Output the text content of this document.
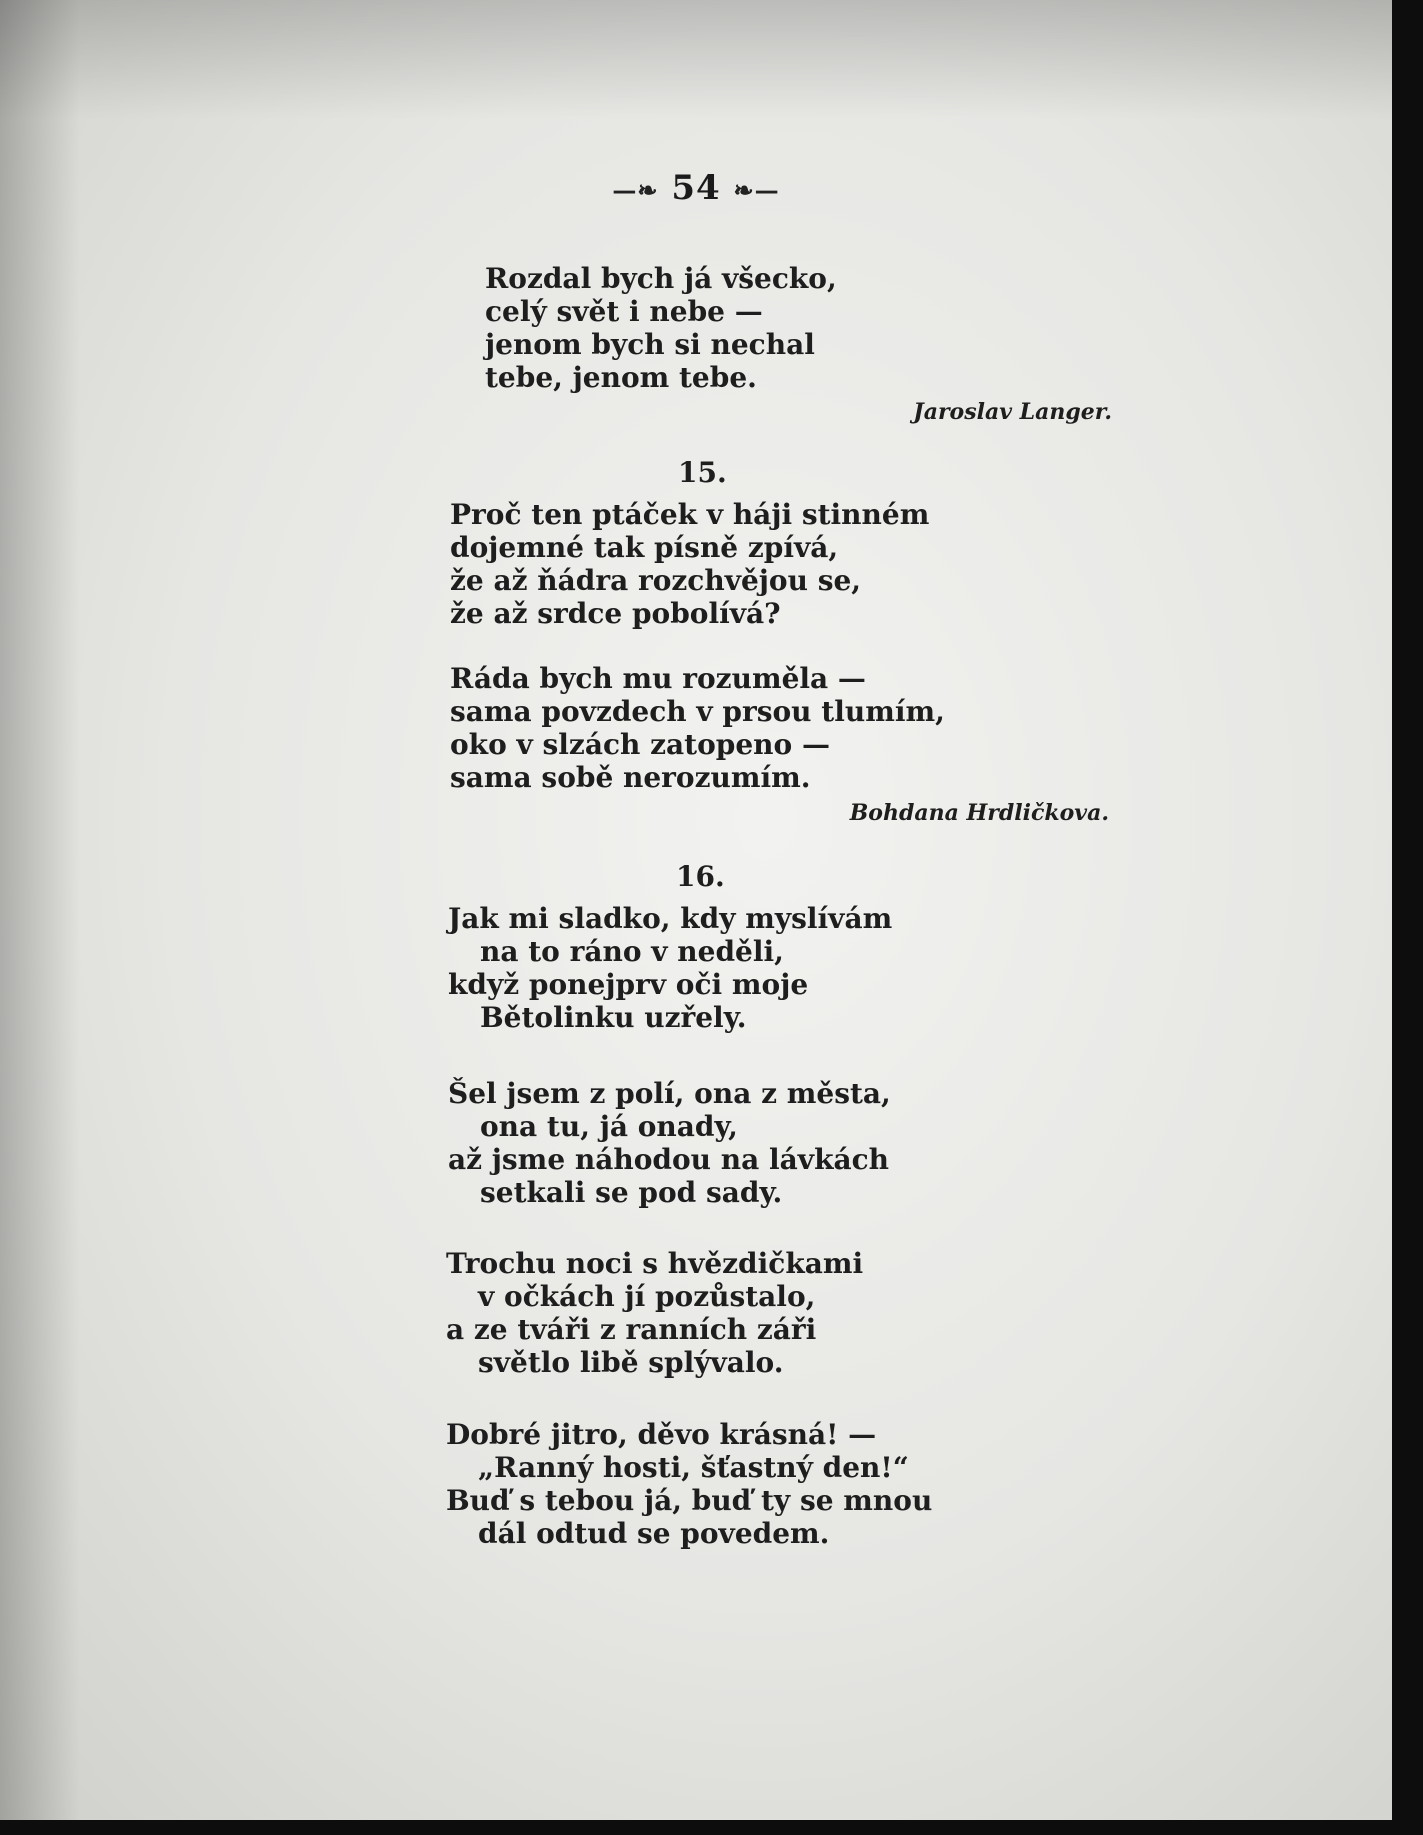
—❧ 54 ❧—
Rozdal bych já všecko,
celý svět i nebe —
jenom bych si nechal
tebe, jenom tebe.
Jaroslav Langer.
15.
Proč ten ptáček v háji stinném
dojemné tak písně zpívá,
že až ňádra rozchvějou se,
že až srdce pobolívá?
Ráda bych mu rozuměla —
sama povzdech v prsou tlumím,
oko v slzách zatopeno —
sama sobě nerozumím.
Bohdana Hrdličkova.
16.
Jak mi sladko, kdy myslívám
na to ráno v neděli,
když ponejprv oči moje
Bětolinku uzřely.
Šel jsem z polí, ona z města,
ona tu, já onady,
až jsme náhodou na lávkách
setkali se pod sady.
Trochu noci s hvězdičkami
v očkách jí pozůstalo,
a ze tváři z ranních záři
světlo libě splývalo.
Dobré jitro, děvo krásná! —
„Ranný hosti, šťastný den!“
Buď s tebou já, buď ty se mnou
dál odtud se povedem.
